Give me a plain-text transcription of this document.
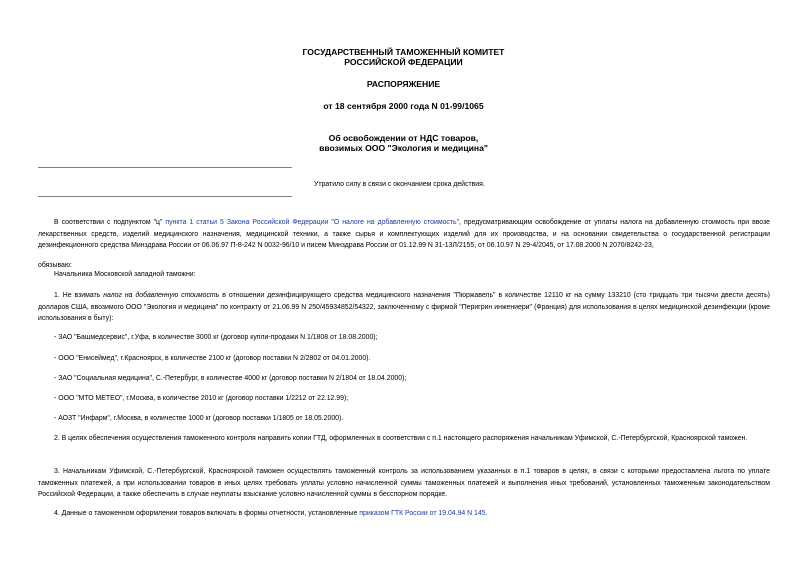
ГОСУДАРСТВЕННЫЙ ТАМОЖЕННЫЙ КОМИТЕТ
РОССИЙСКОЙ ФЕДЕРАЦИИ
РАСПОРЯЖЕНИЕ
от 18 сентября 2000 года N 01-99/1065
Об освобождении от НДС товаров,
ввозимых ООО "Экология и медицина"
Утратило силу в связи с окончанием срока действия.
В соответствии с подпунктом "ц" пункта 1 статьи 5 Закона Российской Федерации "О налоге на добавленную стоимость", предусматривающим освобождение от уплаты налога на добавленную стоимость при ввозе лекарственных средств, изделий медицинского назначения, медицинской техники, а также сырья и комплектующих изделий для их производства, и на основании свидетельства о государственной регистрации дезинфекционного средства Минздрава России от 06.06.97 П-8-242 N 0032-96/10 и писем Минздрава России от 01.12.99 N 31-13Л/2155, от 06.10.97 N 29-4/2045, от 17.08.2000 N 2070/8242-23,
обязываю:
Начальника Московской западной таможни:
1. Не взимать налог на добавленную стоимость в отношении дезинфицирующего средства медицинского назначения "Пюржавель" в количестве 12110 кг на сумму 133210 (сто тридцать три тысячи двести десять) долларов США, ввозимого ООО "Экология и медицина" по контракту от 21.06.99 N 250/45934852/54322, заключенному с фирмой "Перигрин инжениери" (Франция) для использования в целях медицинской дезинфекции (кроме использования в быту):
- ЗАО "Башмедсервис", г.Уфа, в количестве 3000 кг (договор купли-продажи N 1/1808 от 18.08.2000);
- ООО "Енисеймед", г.Красноярск, в количестве 2100 кг (договор поставки N 2/2802 от 04.01.2000).
- ЗАО "Социальная медицина", С.-Петербург, в количестве 4000 кг (договор поставки N 2/1804 от 18.04.2000);
- ООО "МТО МЕТЕО", г.Москва, в количестве 2010 кг (договор поставки 1/2212 от 22.12.99);
- АОЗТ "Инфарм", г.Москва, в количестве 1000 кг (договор поставки 1/1805 от 18.05.2000).
2. В целях обеспечения осуществления таможенного контроля направить копии ГТД, оформленных в соответствии с п.1 настоящего распоряжения начальникам Уфимской, С.-Петербургской, Красноярской таможен.
3. Начальникам Уфимской, С.-Петербургской, Красноярской таможен осуществлять таможенный контроль за использованием указанных в п.1 товаров в целях, в связи с которыми предоставлена льгота по уплате таможенных платежей, а при использовании товаров в иных целях требовать уплаты условно начисленной суммы таможенных платежей и выполнения иных требований, установленных таможенным законодательством Российской Федерации, а также обеспечить в случае неуплаты взыскание условно начисленной суммы в бесспорном порядке.
4. Данные о таможенном оформлении товаров включать в формы отчетности, установленные приказом ГТК России от 19.04.94 N 145.
